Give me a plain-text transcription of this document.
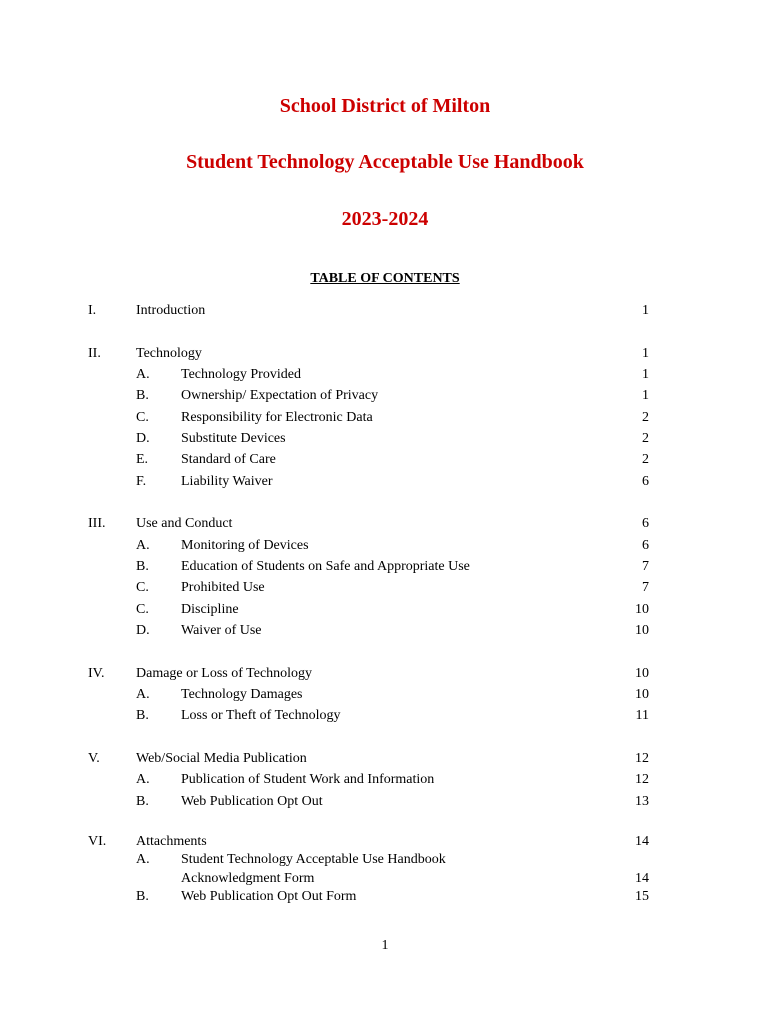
School District of Milton
Student Technology Acceptable Use Handbook
2023-2024
TABLE OF CONTENTS
I.	Introduction	1
II.	Technology	1
A. Technology Provided	1
B. Ownership/ Expectation of Privacy	1
C. Responsibility for Electronic Data	2
D. Substitute Devices	2
E. Standard of Care	2
F. Liability Waiver	6
III. Use and Conduct	6
A. Monitoring of Devices	6
B. Education of Students on Safe and Appropriate Use	7
C. Prohibited Use	7
C. Discipline	10
D. Waiver of Use	10
IV. Damage or Loss of Technology	10
A. Technology Damages	10
B. Loss or Theft of Technology	11
V.	Web/Social Media Publication	12
A. Publication of Student Work and Information	12
B. Web Publication Opt Out	13
VI. Attachments	14
A. Student Technology Acceptable Use Handbook
Acknowledgment Form	14
B. Web Publication Opt Out Form	15
1
